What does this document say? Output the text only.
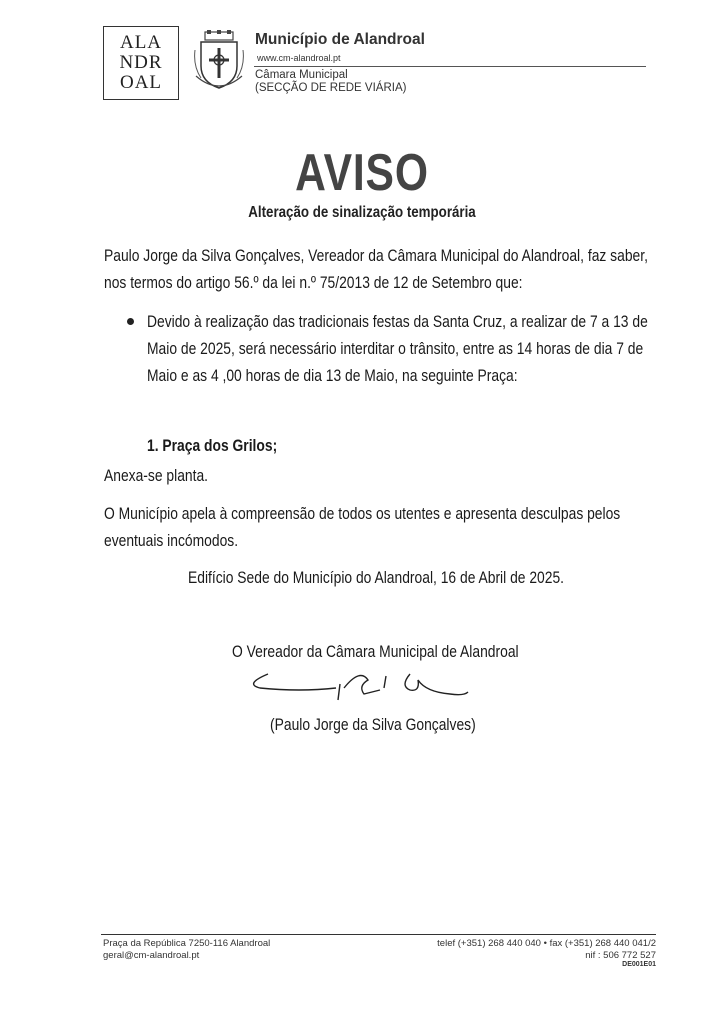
ALA
NDR
OAL
Município de Alandroal
www.cm-alandroal.pt
Câmara Municipal
(SECÇÃO DE REDE VIÁRIA)
AVISO
Alteração de sinalização temporária
Paulo Jorge da Silva Gonçalves, Vereador da Câmara Municipal do Alandroal, faz saber,
nos termos do artigo 56.º da lei n.º 75/2013 de 12 de Setembro que:
Devido à realização das tradicionais festas da Santa Cruz, a realizar de 7 a 13 de
Maio de 2025, será necessário interditar o trânsito, entre as 14 horas de dia 7 de
Maio e as 4 ,00 horas de dia 13 de Maio, na seguinte Praça:
1. Praça dos Grilos;
Anexa-se planta.
O Município apela à compreensão de todos os utentes e apresenta desculpas pelos
eventuais incómodos.
Edifício Sede do Município do Alandroal, 16 de Abril de 2025.
O Vereador da Câmara Municipal de Alandroal
(Paulo Jorge da Silva Gonçalves)
Praça da República 7250-116 Alandroal
geral@cm-alandroal.pt
telef (+351) 268 440 040 • fax (+351) 268 440 041/2
nif : 506 772 527
DE001E01
